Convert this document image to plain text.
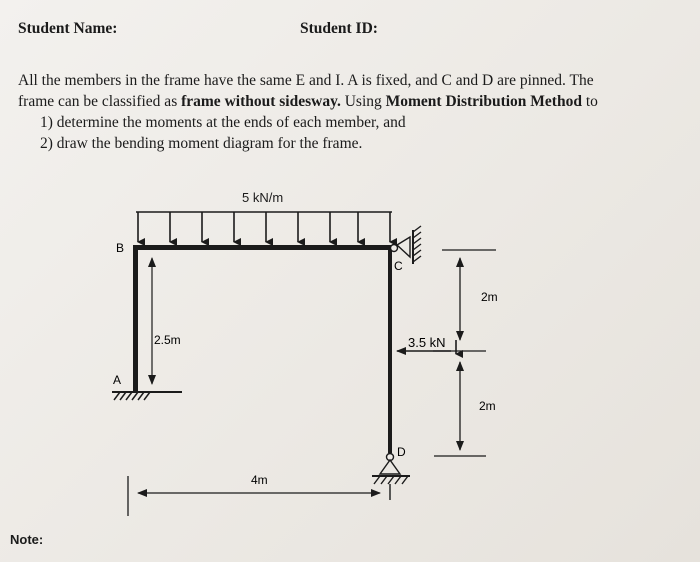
Student Name:	Student ID:
All the members in the frame have the same E and I. A is fixed, and C and D are pinned. The
frame can be classified as frame without sidesway. Using Moment Distribution Method to
1) determine the moments at the ends of each member, and
2) draw the bending moment diagram for the frame.
5 kN/m
B
A
C
D
2.5m	3.5 kN
2m
2m
4m
Note:
